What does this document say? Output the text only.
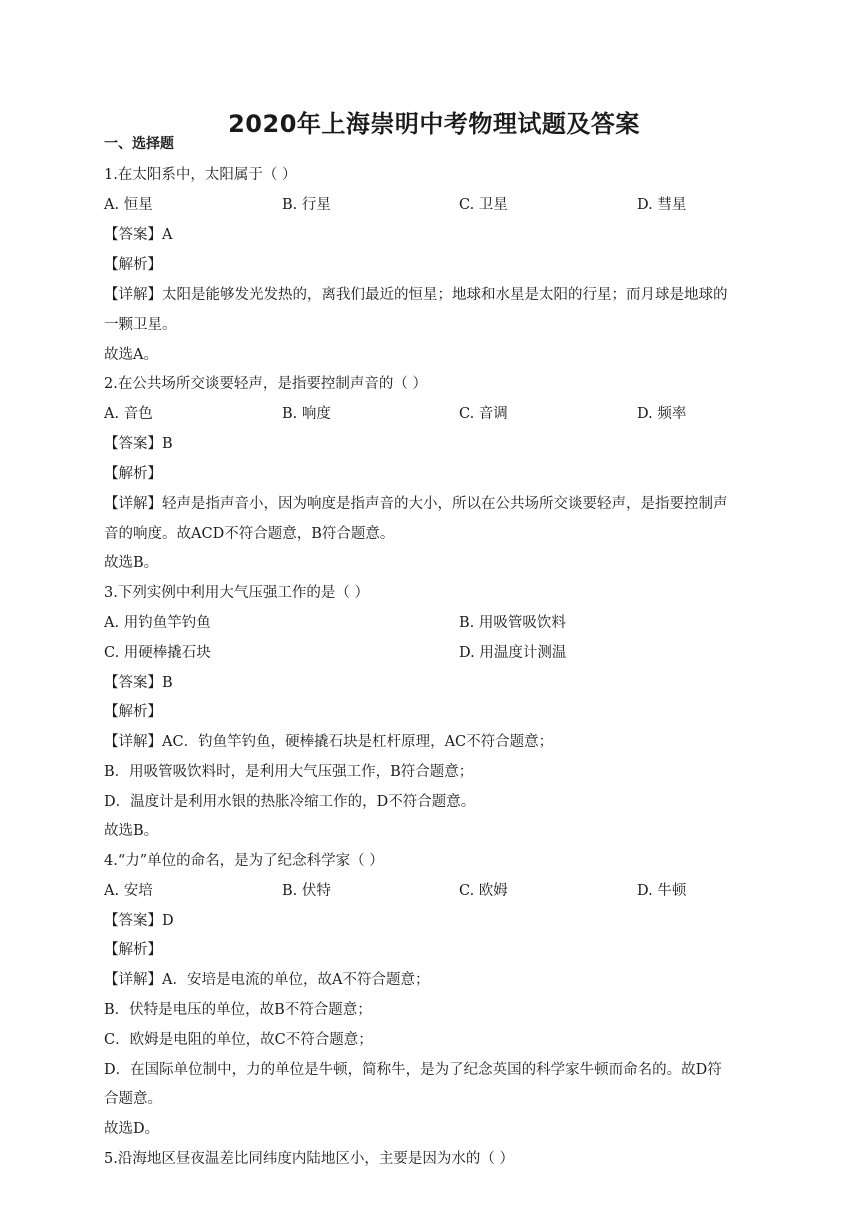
2020年上海崇明中考物理试题及答案
一、选择题
1.在太阳系中，太阳属于（ ）
A. 恒星	B. 行星	C. 卫星	D. 彗星
【答案】A
【解析】
【详解】太阳是能够发光发热的，离我们最近的恒星；地球和水星是太阳的行星；而月球是地球的
一颗卫星。
故选A。
2.在公共场所交谈要轻声，是指要控制声音的（ ）
A. 音色	B. 响度	C. 音调	D. 频率
【答案】B
【解析】
【详解】轻声是指声音小，因为响度是指声音的大小，所以在公共场所交谈要轻声，是指要控制声
音的响度。故ACD不符合题意，B符合题意。
故选B。
3.下列实例中利用大气压强工作的是（ ）
A. 用钓鱼竿钓鱼	B. 用吸管吸饮料
C. 用硬棒撬石块	D. 用温度计测温
【答案】B
【解析】
【详解】AC．钓鱼竿钓鱼，硬棒撬石块是杠杆原理，AC不符合题意；
B．用吸管吸饮料时，是利用大气压强工作，B符合题意；
D．温度计是利用水银的热胀冷缩工作的，D不符合题意。
故选B。
4.“力”单位的命名，是为了纪念科学家（ ）
A. 安培	B. 伏特	C. 欧姆	D. 牛顿
【答案】D
【解析】
【详解】A．安培是电流的单位，故A不符合题意；
B．伏特是电压的单位，故B不符合题意；
C．欧姆是电阻的单位，故C不符合题意；
D．在国际单位制中，力的单位是牛顿，简称牛，是为了纪念英国的科学家牛顿而命名的。故D符
合题意。
故选D。
5.沿海地区昼夜温差比同纬度内陆地区小，主要是因为水的（ ）
